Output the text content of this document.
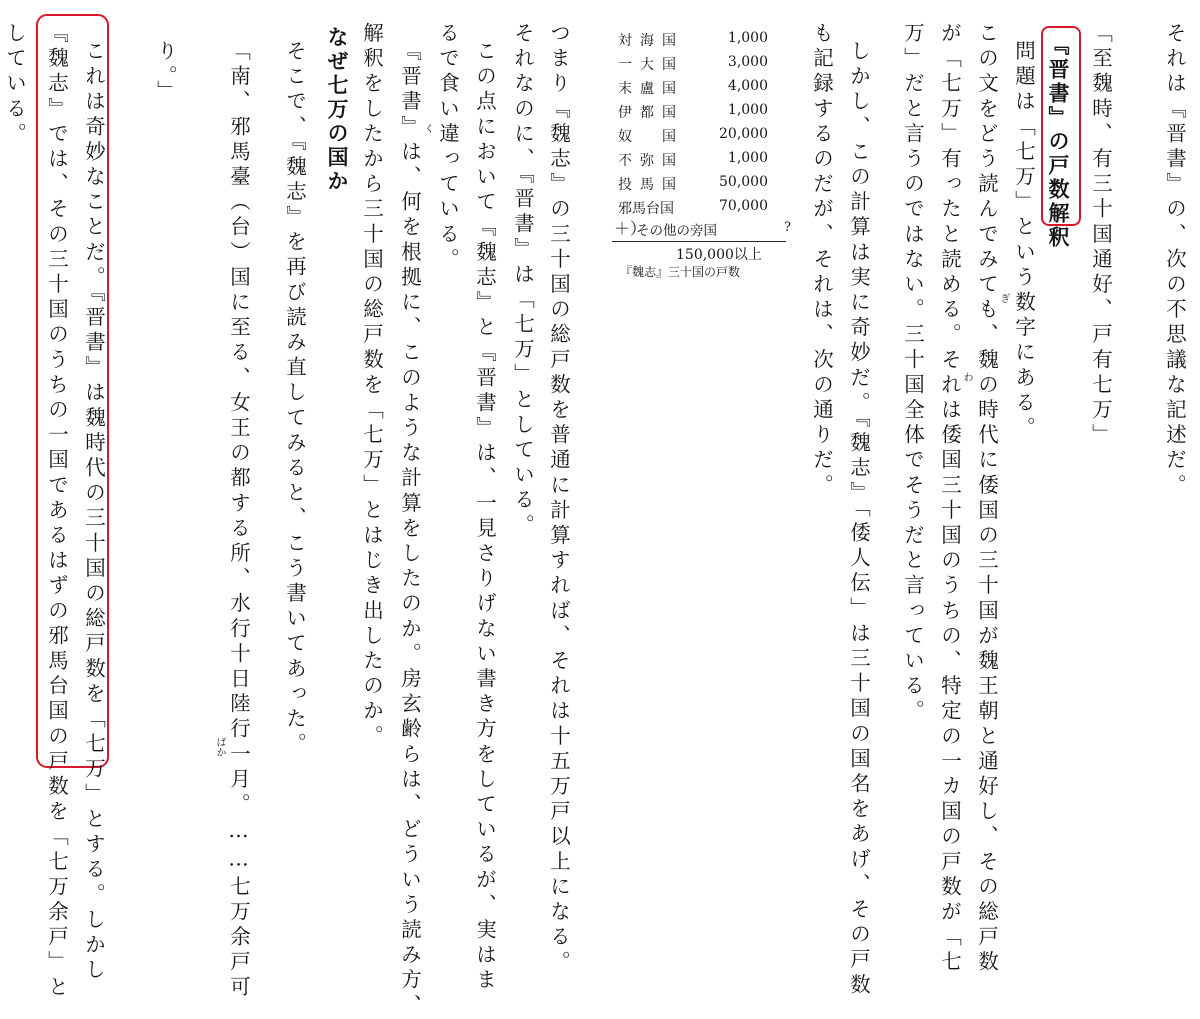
それは『晋書』の、次の不思議な記述だ。
「至魏時、有三十国通好、戸有七万」
『晋書』の戸数解釈
問題は「七万」という数字にある。
この文をどう読んでみても、魏の時代に倭国の三十国が魏王朝と通好し、その総戸数
が「七万」有ったと読める。それは倭国三十国のうちの、特定の一カ国の戸数が「七
万」だと言うのではない。三十国全体でそうだと言っている。
しかし、この計算は実に奇妙だ。『魏志』「倭人伝」は三十国の国名をあげ、その戸数
も記録するのだが、それは、次の通りだ。	ぎ
わ
対海国	1,000
一大国	3,000
末盧国	4,000
伊都国	1,000
奴　国	20,000
不弥国	1,000
投馬国	50,000
邪馬台国	70,000
＋）
その他の旁国	?
150,000以上
『魏志』三十国の戸数
つまり『魏志』の三十国の総戸数を普通に計算すれば、それは十五万戸以上になる。
それなのに、『晋書』は「七万」としている。
この点において『魏志』と『晋書』は、一見さりげない書き方をしているが、実はま
るで食い違っている。
く
『晋書』は、何を根拠に、このような計算をしたのか。房玄齢らは、どういう読み方、
解釈をしたから三十国の総戸数を「七万」とはじき出したのか。
なぜ七万の国か
そこで、『魏志』を再び読み直してみると、こう書いてあった。
「南、邪馬臺（台）国に至る、女王の都する所、水行十日陸行一月。……七万余戸可
ばか
り。」
これは奇妙なことだ。『晋書』は魏時代の三十国の総戸数を「七万」とする。しかし
『魏志』では、その三十国のうちの一国であるはずの邪馬台国の戸数を「七万余戸」と
している。
